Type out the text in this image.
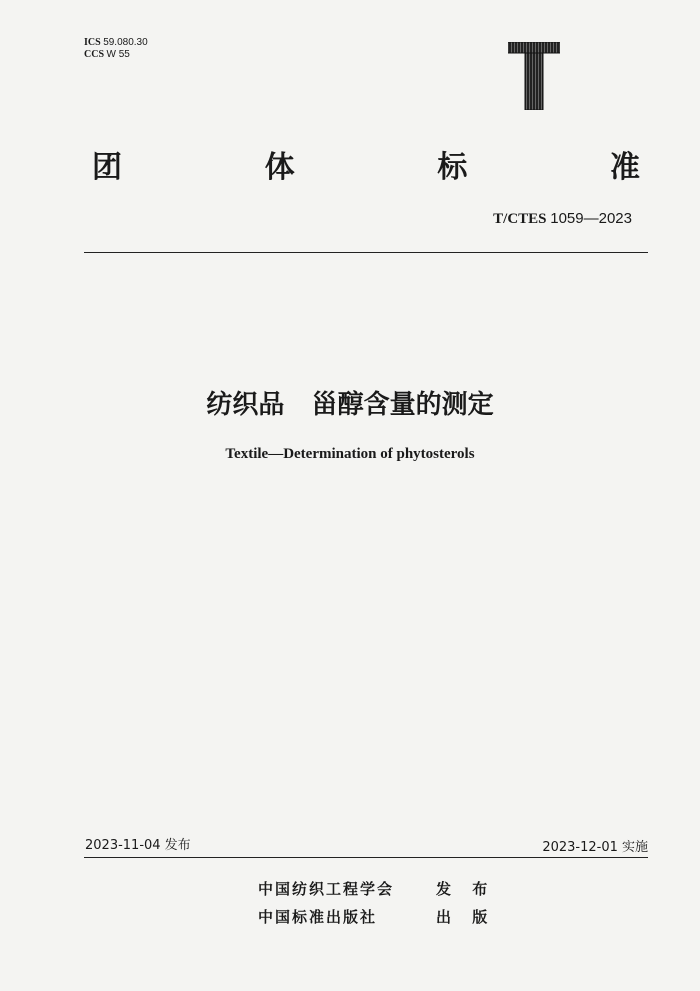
ICS 59.080.30
CCS W 55
团	体	标	准
T/CTES 1059—2023
纺织品   甾醇含量的测定
Textile—Determination of phytosterols
2023-11-04 发布	2023-12-01 实施
中国纺织工程学会	发 布
中国标准出版社	出 版
